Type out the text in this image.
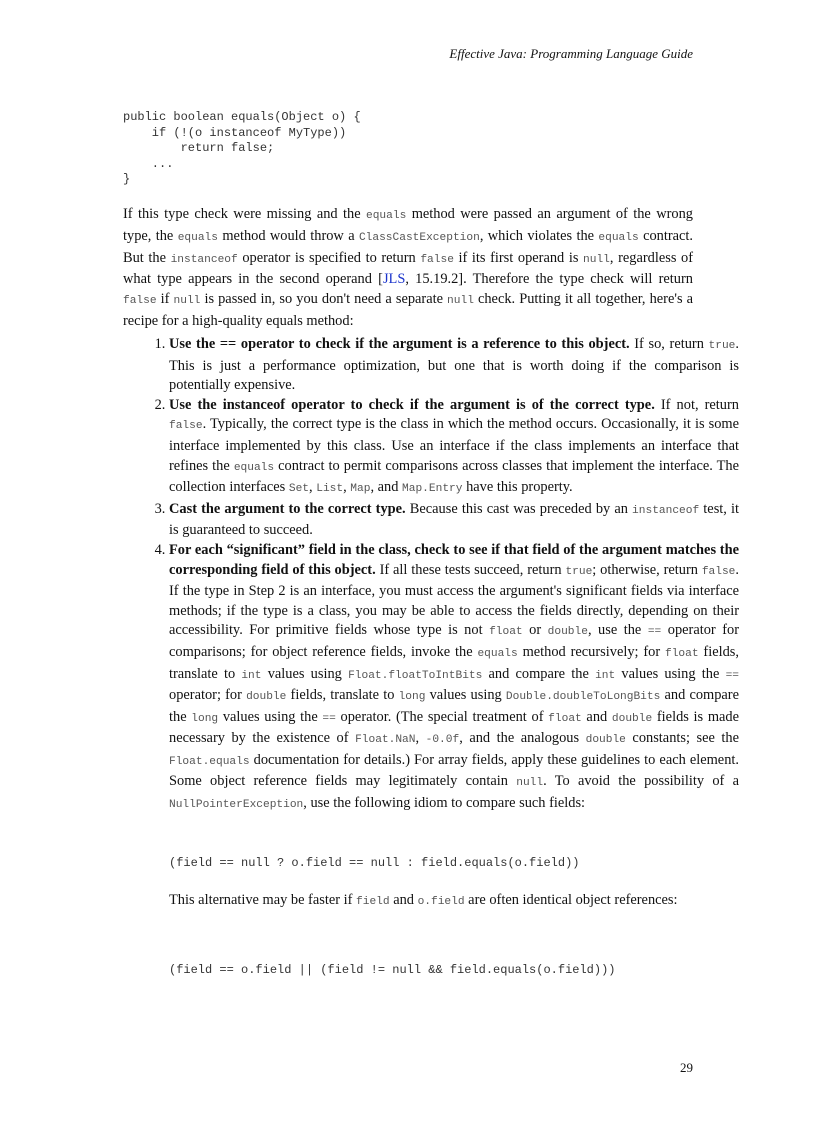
Effective Java: Programming Language Guide
public boolean equals(Object o) {
if (!(o instanceof MyType))
return false;
...
}

If this type check were missing and the equals method were passed an argument of the wrong type, the equals method would throw a ClassCastException, which violates the equals contract. But the instanceof operator is specified to return false if its first operand is null, regardless of what type appears in the second operand [JLS, 15.19.2]. Therefore the type check will return false if null is passed in, so you don't need a separate null check. Putting it all together, here's a recipe for a high-quality equals method:

1. Use the == operator to check if the argument is a reference to this object. If so, return true. This is just a performance optimization, but one that is worth doing if the comparison is potentially expensive.
2. Use the instanceof operator to check if the argument is of the correct type. If not, return false. Typically, the correct type is the class in which the method occurs. Occasionally, it is some interface implemented by this class. Use an interface if the class implements an interface that refines the equals contract to permit comparisons across classes that implement the interface. The collection interfaces Set, List, Map, and Map.Entry have this property.
3. Cast the argument to the correct type. Because this cast was preceded by an instanceof test, it is guaranteed to succeed.
4. For each “significant” field in the class, check to see if that field of the argument matches the corresponding field of this object. If all these tests succeed, return true; otherwise, return false. If the type in Step 2 is an interface, you must access the argument's significant fields via interface methods; if the type is a class, you may be able to access the fields directly, depending on their accessibility. For primitive fields whose type is not float or double, use the == operator for comparisons; for object reference fields, invoke the equals method recursively; for float fields, translate to int values using Float.floatToIntBits and compare the int values using the == operator; for double fields, translate to long values using Double.doubleToLongBits and compare the long values using the == operator. (The special treatment of float and double fields is made necessary by the existence of Float.NaN, -0.0f, and the analogous double constants; see the Float.equals documentation for details.) For array fields, apply these guidelines to each element. Some object reference fields may legitimately contain null. To avoid the possibility of a NullPointerException, use the following idiom to compare such fields:
(field == null ? o.field == null : field.equals(o.field))

This alternative may be faster if field and o.field are often identical object references:

(field == o.field || (field != null && field.equals(o.field)))
29
